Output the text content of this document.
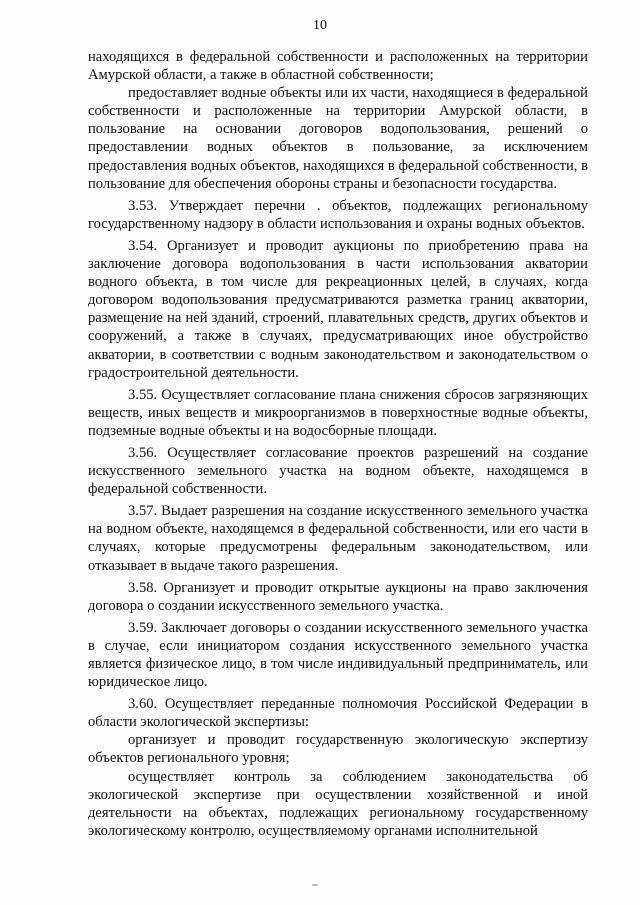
10

находящихся в федеральной собственности и расположенных на территории Амурской области, а также в областной собственности;

предоставляет водные объекты или их части, находящиеся в федеральной собственности и расположенные на территории Амурской области, в пользование на основании договоров водопользования, решений о предоставлении водных объектов в пользование, за исключением предоставления водных объектов, находящихся в федеральной собственности, в пользование для обеспечения обороны страны и безопасности государства.

3.53. Утверждает перечни . объектов, подлежащих региональному государственному надзору в области использования и охраны водных объектов.

3.54. Организует и проводит аукционы по приобретению права на заключение договора водопользования в части использования акватории водного объекта, в том числе для рекреационных целей, в случаях, когда договором водопользования предусматриваются разметка границ акватории, размещение на ней зданий, строений, плавательных средств, других объектов и сооружений, а также в случаях, предусматривающих иное обустройство акватории, в соответствии с водным законодательством и законодательством о градостроительной деятельности.

3.55. Осуществляет согласование плана снижения сбросов загрязняющих веществ, иных веществ и микроорганизмов в поверхностные водные объекты, подземные водные объекты и на водосборные площади.

3.56. Осуществляет согласование проектов разрешений на создание искусственного земельного участка на водном объекте, находящемся в федеральной собственности.

3.57. Выдает разрешения на создание искусственного земельного участка на водном объекте, находящемся в федеральной собственности, или его части в случаях, которые предусмотрены федеральным законодательством, или отказывает в выдаче такого разрешения.

3.58. Организует и проводит открытые аукционы на право заключения договора о создании искусственного земельного участка.

3.59. Заключает договоры о создании искусственного земельного участка в случае, если инициатором создания искусственного земельного участка является физическое лицо, в том числе индивидуальный предприниматель, или юридическое лицо.

3.60. Осуществляет переданные полномочия Российской Федерации в области экологической экспертизы:

организует и проводит государственную экологическую экспертизу объектов регионального уровня;

осуществляет контроль за соблюдением законодательства об экологической экспертизе при осуществлении хозяйственной и иной деятельности на объектах, подлежащих региональному государственному экологическому контролю, осуществляемому органами исполнительной
